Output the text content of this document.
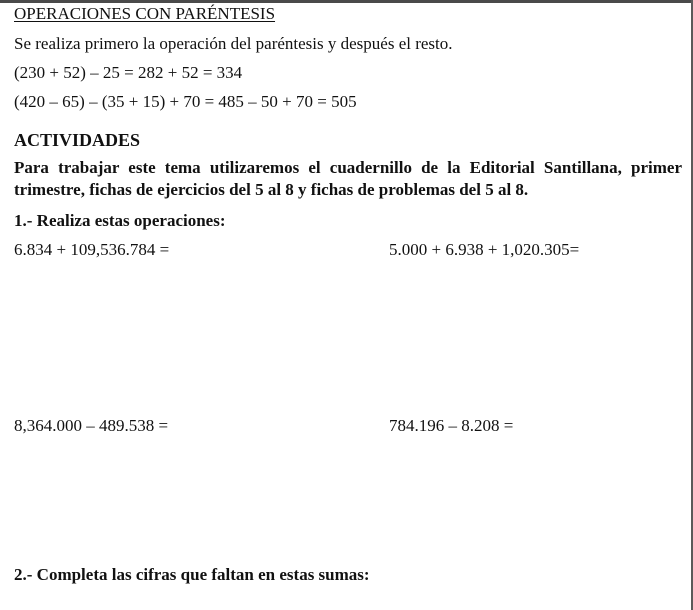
OPERACIONES CON PARÉNTESIS
Se realiza primero la operación del paréntesis y después el resto.
(230 + 52) – 25 = 282 + 52 = 334
(420 – 65) – (35 + 15) + 70 = 485 – 50 + 70 = 505
ACTIVIDADES
Para trabajar este tema utilizaremos el cuadernillo de la Editorial Santillana, primer trimestre, fichas de ejercicios del 5 al 8 y fichas de problemas del 5 al 8.
1.- Realiza estas operaciones:
6.834 + 109,536.784 =	5.000 + 6.938 + 1,020.305=
8,364.000 – 489.538 =	784.196 – 8.208 =
2.- Completa las cifras que faltan en estas sumas:
